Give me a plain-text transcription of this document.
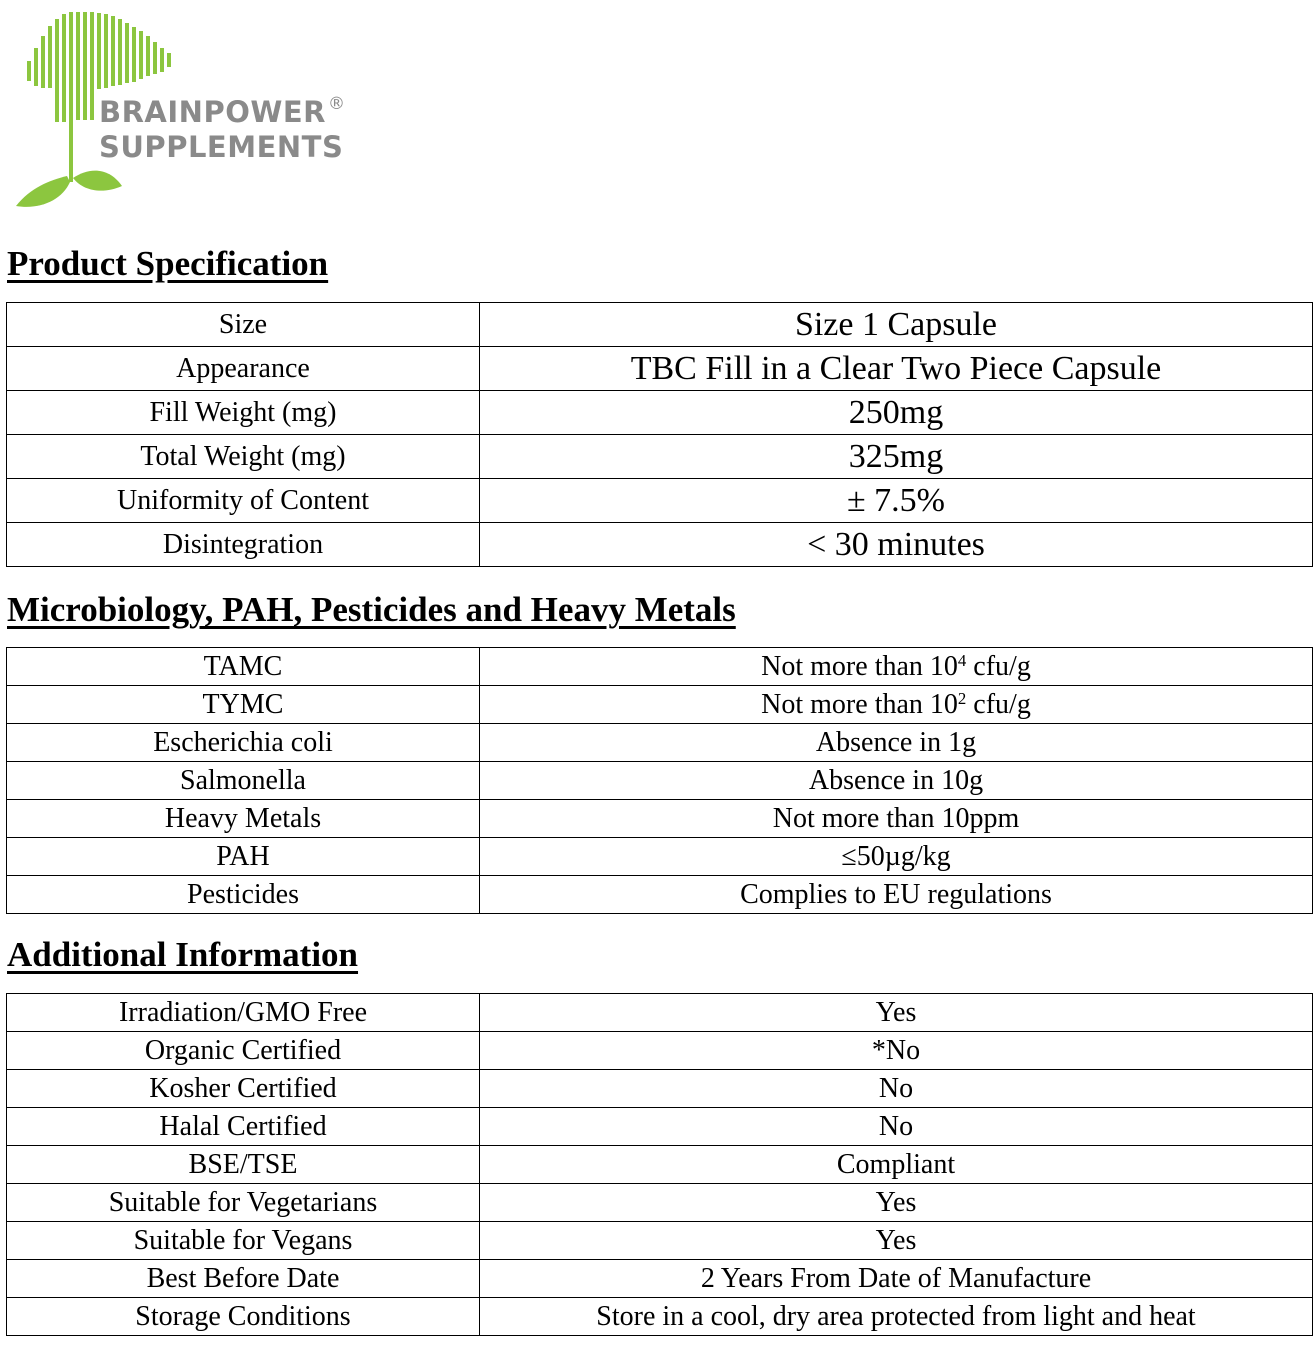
BRAINPOWER ®
SUPPLEMENTS
Product Specification
Size	Size 1 Capsule
Appearance	TBC Fill in a Clear Two Piece Capsule
Fill Weight (mg)	250mg
Total Weight (mg)	325mg
Uniformity of Content	± 7.5%
Disintegration	< 30 minutes
Microbiology, PAH, Pesticides and Heavy Metals
TAMC	Not more than $10^4$ cfu/g
TYMC	Not more than $10^2$ cfu/g
Escherichia coli	Absence in 1g
Salmonella	Absence in 10g
Heavy Metals	Not more than 10ppm
PAH	≤50µg/kg
Pesticides	Complies to EU regulations
Additional Information
Irradiation/GMO Free	Yes
Organic Certified	*No
Kosher Certified	No
Halal Certified	No
BSE/TSE	Compliant
Suitable for Vegetarians	Yes
Suitable for Vegans	Yes
Best Before Date	2 Years From Date of Manufacture
Storage Conditions	Store in a cool, dry area protected from light and heat
